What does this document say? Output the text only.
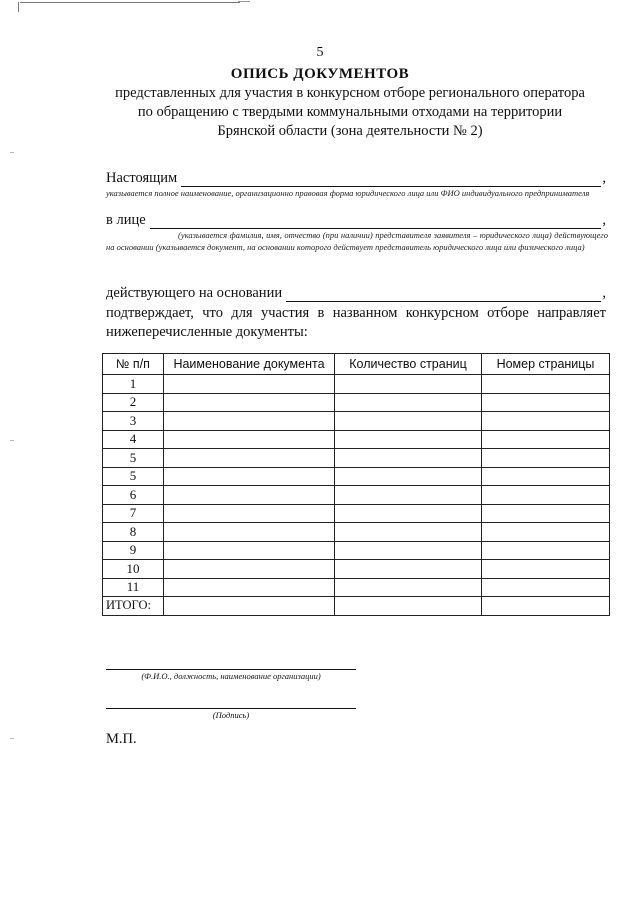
5
ОПИСЬ ДОКУМЕНТОВ
представленных для участия в конкурсном отборе регионального оператора
по обращению с твердыми коммунальными отходами на территории
Брянской области (зона деятельности № 2)
Настоящим	,
указывается полное наименование, организационно правовая форма юридического лица или ФИО индивидуального предпринимателя
в лице	,
(указывается фамилия, имя, отчество (при наличии) представителя заявителя – юридического лица) действующего на основании (указывается документ, на основании которого действует представитель юридического лица или физического лица)
действующего на основании	,
подтверждает, что для участия в названном конкурсном отборе направляет нижеперечисленные документы:
№ п/п	Наименование документа	Количество страниц	Номер страницы
1			
2			
3			
4			
5			
5			
6			
7			
8			
9			
10			
11			
ИТОГО:			
(Ф.И.О., должность, наименование организации)
(Подпись)
М.П.
